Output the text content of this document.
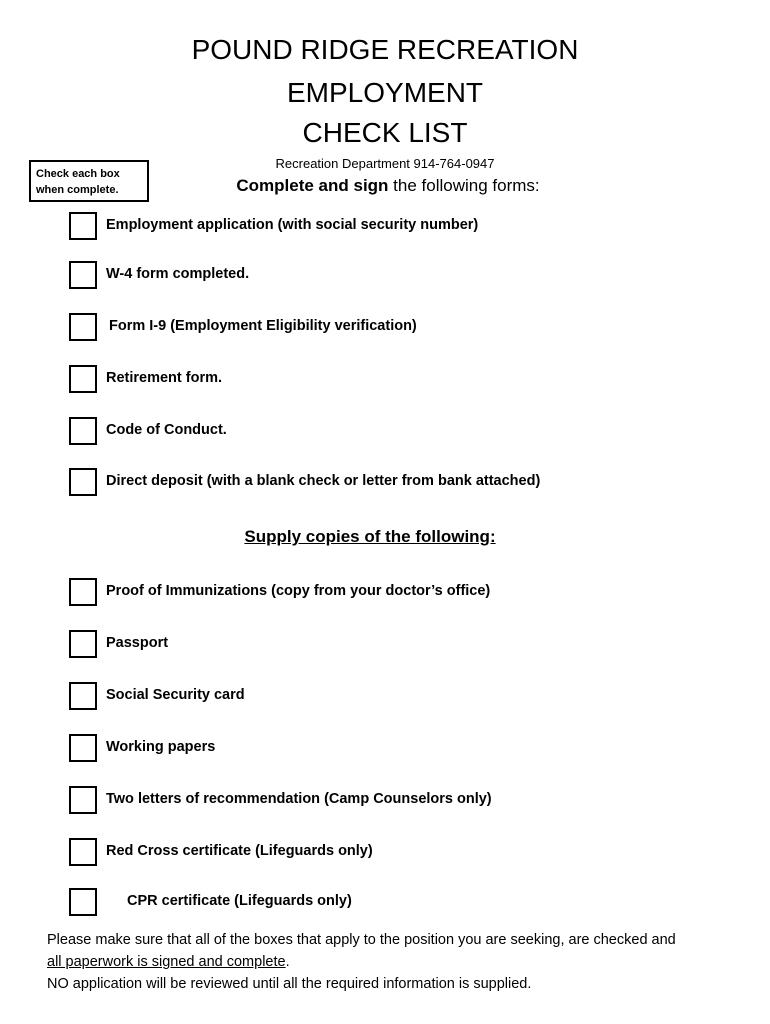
POUND RIDGE RECREATION
EMPLOYMENT
CHECK LIST
Recreation Department 914-764-0947
Check each box
when complete.	Complete and sign the following forms:
Employment application (with social security number)
W-4 form completed.
Form I-9 (Employment Eligibility verification)
Retirement form.
Code of Conduct.
Direct deposit (with a blank check or letter from bank attached)
Supply copies of the following:
Proof of Immunizations (copy from your doctor’s office)
Passport
Social Security card
Working papers
Two letters of recommendation (Camp Counselors only)
Red Cross certificate (Lifeguards only)
CPR certificate (Lifeguards only)
Please make sure that all of the boxes that apply to the position you are seeking, are checked and
all paperwork is signed and complete.
NO application will be reviewed until all the required information is supplied.
